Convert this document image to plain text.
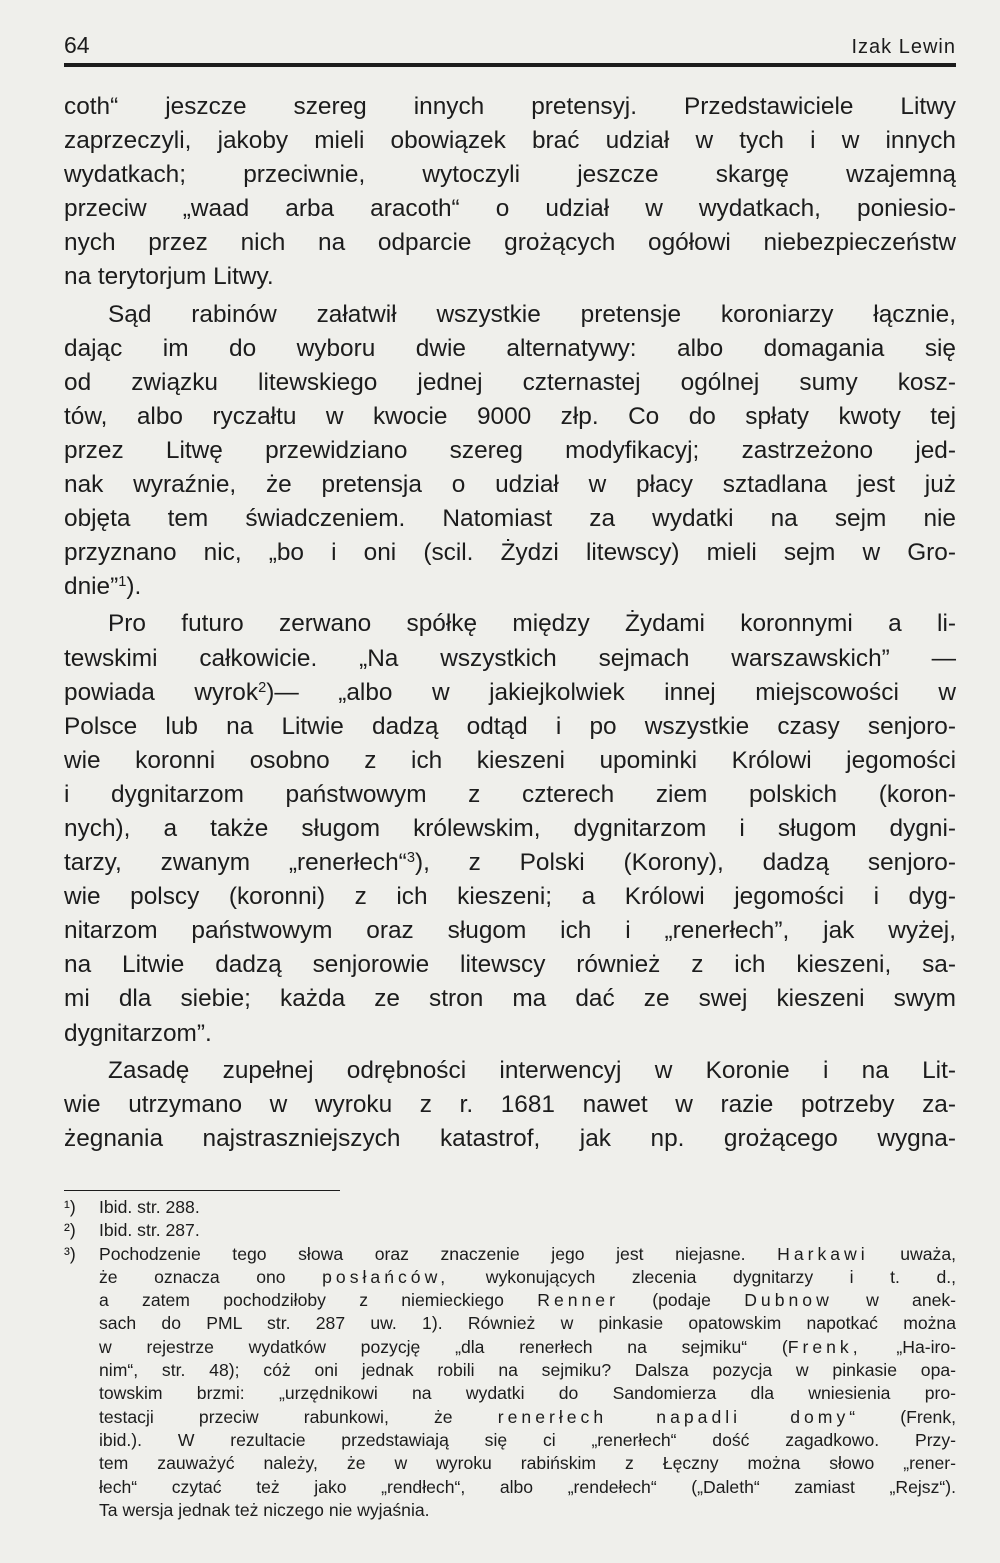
64	Izak Lewin
coth“ jeszcze szereg innych pretensyj. Przedstawiciele Litwy
zaprzeczyli, jakoby mieli obowiązek brać udział w tych i w innych
wydatkach; przeciwnie, wytoczyli jeszcze skargę wzajemną
przeciw „waad arba aracoth“ o udział w wydatkach, poniesio-
nych przez nich na odparcie grożących ogółowi niebezpieczeństw
na terytorjum Litwy.
Sąd rabinów załatwił wszystkie pretensje koroniarzy łącznie,
dając im do wyboru dwie alternatywy: albo domagania się
od związku litewskiego jednej czternastej ogólnej sumy kosz-
tów, albo ryczałtu w kwocie 9000 złp. Co do spłaty kwoty tej
przez Litwę przewidziano szereg modyfikacyj; zastrzeżono jed-
nak wyraźnie, że pretensja o udział w płacy sztadlana jest już
objęta tem świadczeniem. Natomiast za wydatki na sejm nie
przyznano nic, „bo i oni (scil. Żydzi litewscy) mieli sejm w Gro-
dnie”$^1$).
Pro futuro zerwano spółkę między Żydami koronnymi a li-
tewskimi całkowicie. „Na wszystkich sejmach warszawskich” —
powiada wyrok$^2$)— „albo w jakiejkolwiek innej miejscowości w
Polsce lub na Litwie dadzą odtąd i po wszystkie czasy senjoro-
wie koronni osobno z ich kieszeni upominki Królowi jegomości
i dygnitarzom państwowym z czterech ziem polskich (koron-
nych), a także sługom królewskim, dygnitarzom i sługom dygni-
tarzy, zwanym „renerłech“$^3$), z Polski (Korony), dadzą senjoro-
wie polscy (koronni) z ich kieszeni; a Królowi jegomości i dyg-
nitarzom państwowym oraz sługom ich i „renerłech”, jak wyżej,
na Litwie dadzą senjorowie litewscy również z ich kieszeni, sa-
mi dla siebie; każda ze stron ma dać ze swej kieszeni swym
dygnitarzom”.
Zasadę zupełnej odrębności interwencyj w Koronie i na Lit-
wie utrzymano w wyroku z r. 1681 nawet w razie potrzeby za-
żegnania najstraszniejszych katastrof, jak np. grożącego wygna-
¹) Ibid. str. 288.
²) Ibid. str. 287.
³) Pochodzenie tego słowa oraz znaczenie jego jest niejasne. Harkawi uważa,
że oznacza ono posłańców, wykonujących zlecenia dygnitarzy i t. d.,
a zatem pochodziłoby z niemieckiego Renner (podaje Dubnow w anek-
sach do PML str. 287 uw. 1). Również w pinkasie opatowskim napotkać można
w rejestrze wydatków pozycję „dla renerłech na sejmiku“ (Frenk, „Ha-iro-
nim“, str. 48); cóż oni jednak robili na sejmiku? Dalsza pozycja w pinkasie opa-
towskim brzmi: „urzędnikowi na wydatki do Sandomierza dla wniesienia pro-
testacji przeciw rabunkowi, że	renerłech napadli domy“ (Frenk,
ibid.). W rezultacie przedstawiają się ci „renerłech“ dość zagadkowo. Przy-
tem zauważyć należy, że w wyroku rabińskim z Łęczny można słowo „rener-
łech“ czytać też jako „rendłech“, albo „rendełech“ („Daleth“ zamiast „Rejsz“).
Ta wersja jednak też niczego nie wyjaśnia.
